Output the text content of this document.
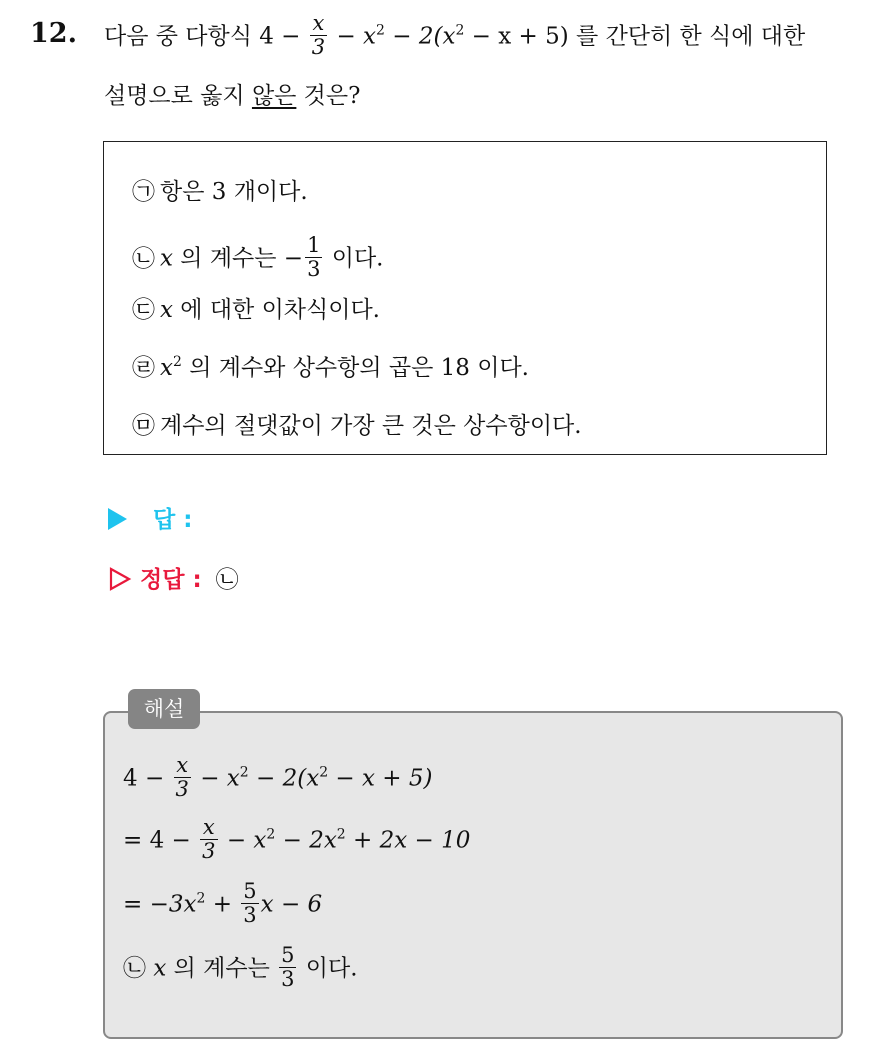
12. 다음 중 다항식 $4 - \frac{x}{3} - x^2 - 2(x^2 - x + 5)$ 를 간단히 한 식에 대한
설명으로 옳지 않은 것은?
㉠ 항은 3 개이다.
㉡ x 의 계수는 − $\frac{1}{3}$ 이다.
㉢ x 에 대한 이차식이다.
㉣ $x^2$ 의 계수와 상수항의 곱은 18 이다.
㉤ 계수의 절댓값이 가장 큰 것은 상수항이다.
답 :
정답 : ㉡
해설
$4 - \frac{x}{3} - x^2 - 2(x^2 - x + 5)$
= $4 - \frac{x}{3} - x^2 - 2x^2 + 2x - 10$
= $-3x^2 + \frac{5}{3}$ x − 6
㉡ x 의 계수는 $\frac{5}{3}$ 이다.
